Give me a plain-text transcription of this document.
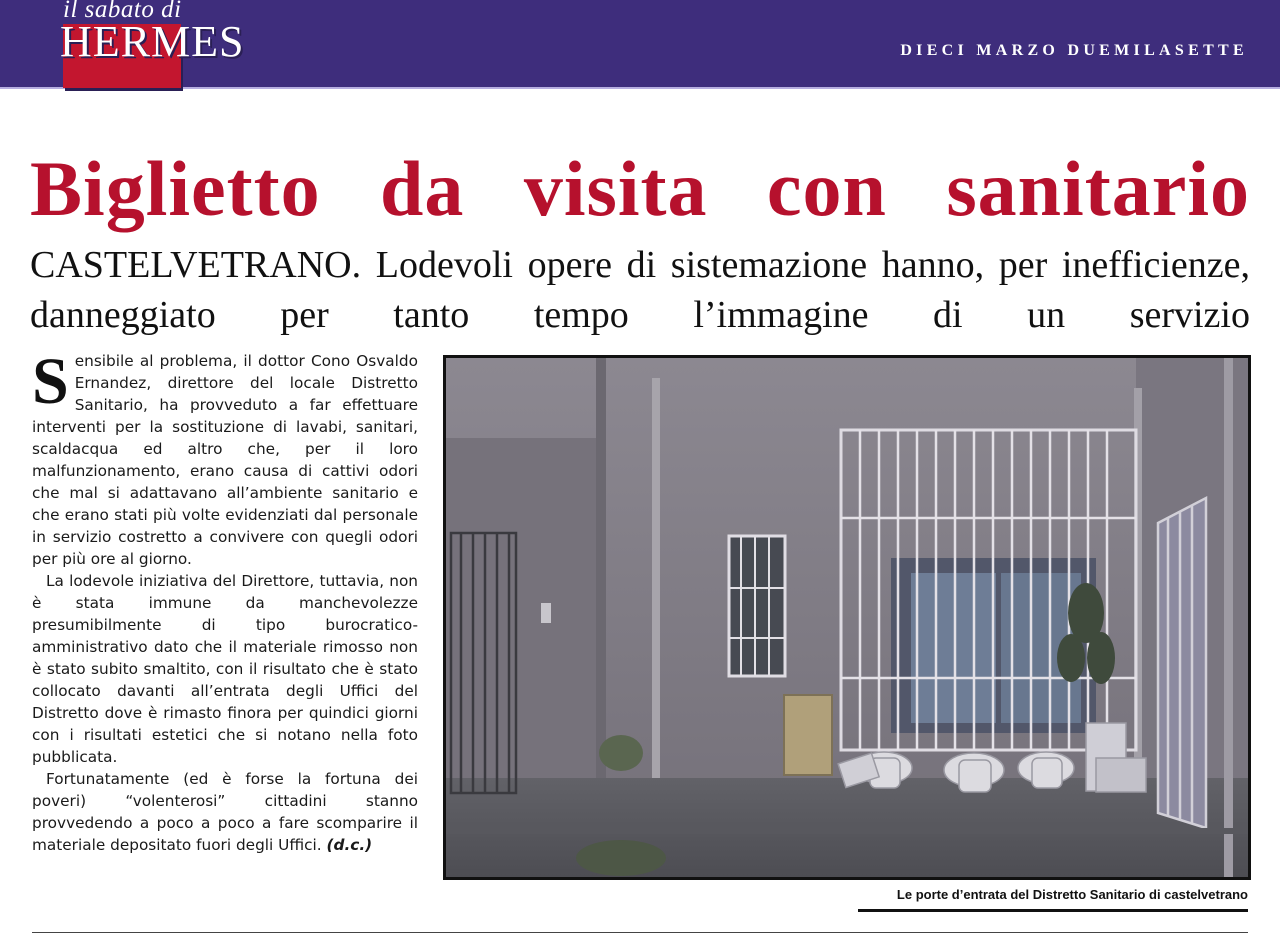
il sabato di
HERMES	DIECI MARZO DUEMILASETTE
Biglietto da visita con sanitario
CASTELVETRANO. Lodevoli opere di sistemazione hanno, per inefficienze, danneggiato per tanto tempo l’immagine di un servizio

Sensibile al problema, il dottor Cono Osvaldo Ernandez, direttore del locale Distretto Sanitario, ha provveduto a far effettuare interventi per la sostituzione di lavabi, sanitari, scaldacqua ed altro che, per il loro malfunzionamento, erano causa di cattivi odori che mal si adattavano all’ambiente sanitario e che erano stati più volte evidenziati dal personale in servizio costretto a convivere con quegli odori per più ore al giorno.

La lodevole iniziativa del Direttore, tuttavia, non è stata immune da manchevolezze presumibilmente di tipo burocratico-amministrativo dato che il materiale rimosso non è stato subito smaltito, con il risultato che è stato collocato davanti all’entrata degli Uffici del Distretto dove è rimasto finora per quindici giorni con i risultati estetici che si notano nella foto pubblicata.

Fortunatamente (ed è forse la fortuna dei poveri) “volenterosi” cittadini stanno provvedendo a poco a poco a fare scomparire il materiale depositato fuori degli Uffici. (d.c.)

Le porte d’entrata del Distretto Sanitario di castelvetrano
